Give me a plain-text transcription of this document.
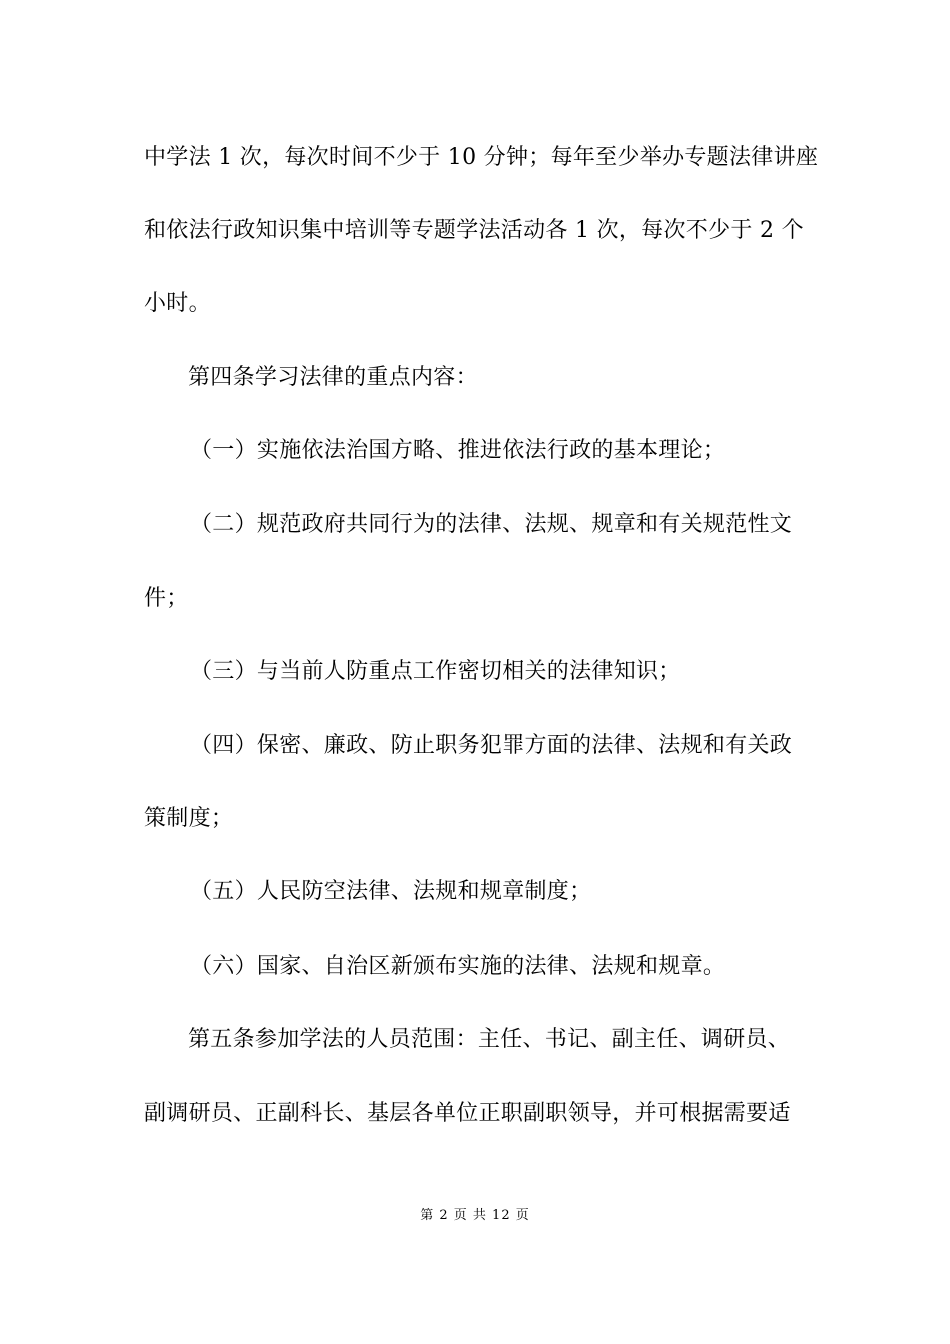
中学法 1 次，每次时间不少于 10 分钟；每年至少举办专题法律讲座
和依法行政知识集中培训等专题学法活动各 1 次，每次不少于 2 个
小时。
第四条学习法律的重点内容：
（一）实施依法治国方略、推进依法行政的基本理论；
（二）规范政府共同行为的法律、法规、规章和有关规范性文
件；
（三）与当前人防重点工作密切相关的法律知识；
（四）保密、廉政、防止职务犯罪方面的法律、法规和有关政
策制度；
（五）人民防空法律、法规和规章制度；
（六）国家、自治区新颁布实施的法律、法规和规章。
第五条参加学法的人员范围：主任、书记、副主任、调研员、
副调研员、正副科长、基层各单位正职副职领导，并可根据需要适
第 2 页 共 12 页
